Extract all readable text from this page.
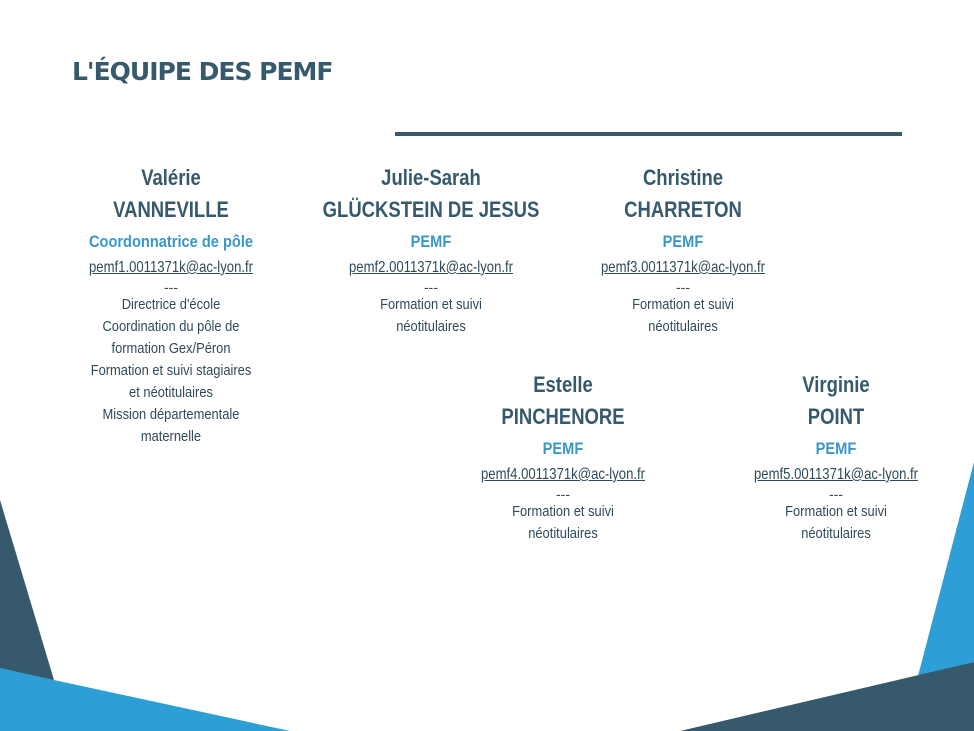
L'ÉQUIPE DES PEMF
Valérie
VANNEVILLE
Coordonnatrice de pôle
pemf1.0011371k@ac-lyon.fr
---
Directrice d'école
Coordination du pôle de
formation Gex/Péron
Formation et suivi stagiaires
et néotitulaires
Mission départementale
maternelle
Julie-Sarah
GLÜCKSTEIN DE JESUS
PEMF
pemf2.0011371k@ac-lyon.fr
---
Formation et suivi
néotitulaires
Christine
CHARRETON
PEMF
pemf3.0011371k@ac-lyon.fr
---
Formation et suivi
néotitulaires
Estelle
PINCHENORE
PEMF
pemf4.0011371k@ac-lyon.fr
---
Formation et suivi
néotitulaires
Virginie
POINT
PEMF
pemf5.0011371k@ac-lyon.fr
---
Formation et suivi
néotitulaires
